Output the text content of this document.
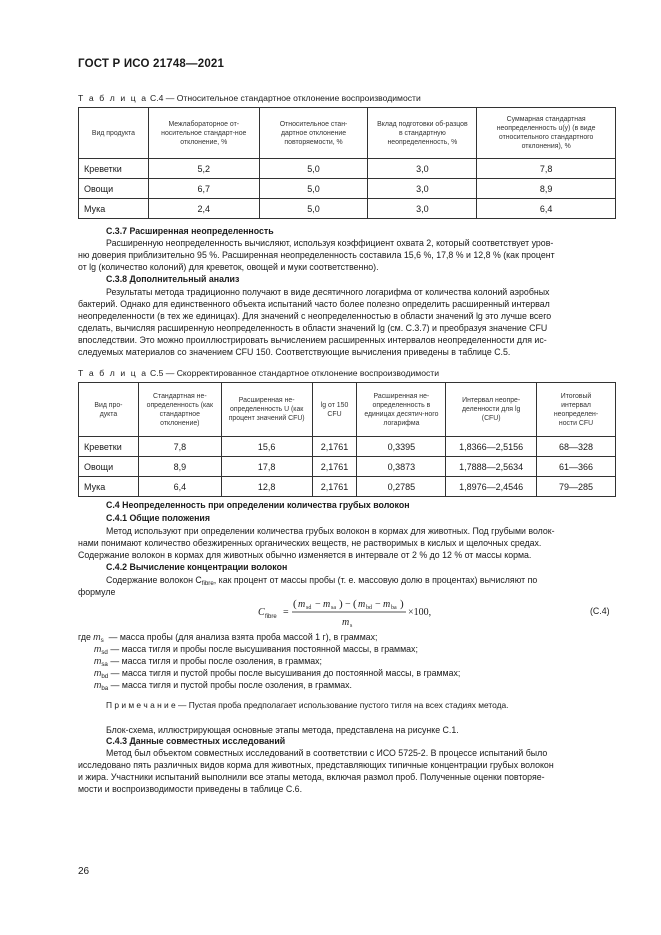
ГОСТ Р ИСО 21748—2021
Т а б л и ц а С.4 — Относительное стандартное отклонение воспроизводимости
Вид продукта	Межлабораторное от-носительное стандарт-ное отклонение, %	Относительное стан-дартное отклонение повторяемости, %	Вклад подготовки об-разцов в стандартную неопределенность, %	Суммарная стандартная неопределенность u(y) (в виде относительного стандартного отклонения), %
Креветки	5,2	5,0	3,0	7,8
Овощи	6,7	5,0	3,0	8,9
Мука	2,4	5,0	3,0	6,4
С.3.7 Расширенная неопределенность
Расширенную неопределенность вычисляют, используя коэффициент охвата 2, который соответствует уров-
ню доверия приблизительно 95 %. Расширенная неопределенность составила 15,6 %, 17,8 % и 12,8 % (как процент
от lg (количество колоний) для креветок, овощей и муки соответственно).
С.3.8 Дополнительный анализ
Результаты метода традиционно получают в виде десятичного логарифма от количества колоний аэробных
бактерий. Однако для единственного объекта испытаний часто более полезно определить расширенный интервал
неопределенности (в тех же единицах). Для значений с неопределенностью в области значений lg это лучше всего
сделать, вычисляя расширенную неопределенность в области значений lg (см. С.3.7) и преобразуя значение CFU
впоследствии. Это можно проиллюстрировать вычислением расширенных интервалов неопределенности для ис-
следуемых материалов со значением CFU 150. Соответствующие вычисления приведены в таблице С.5.
Т а б л и ц а С.5 — Скорректированное стандартное отклонение воспроизводимости
Вид про-дукта	Стандартная не-определенность (как стандартное отклонение)	Расширенная не-определенность U (как процент значений CFU)	lg от 150 CFU	Расширенная не-определенность в единицах десятич-ного логарифма	Интервал неопре-деленности для lg (CFU)	Итоговый интервал неопределен-ности CFU
Креветки	7,8	15,6	2,1761	0,3395	1,8366—2,5156	68—328
Овощи	8,9	17,8	2,1761	0,3873	1,7888—2,5634	61—366
Мука	6,4	12,8	2,1761	0,2785	1,8976—2,4546	79—285
С.4 Неопределенность при определении количества грубых волокон
С.4.1 Общие положения
Метод используют при определении количества грубых волокон в кормах для животных. Под грубыми волок-
нами понимают количество обезжиренных органических веществ, не растворимых в кислых и щелочных средах.
Содержание волокон в кормах для животных обычно изменяется в интервале от 2 % до 12 % от массы корма.
С.4.2 Вычисление концентрации волокон
Содержание волокон $C_{fibre}$, как процент от массы пробы (т. е. массовую долю в процентах) вычисляют по
формуле
C fibre =
( m sd − m sa ) − ( m bd − m ba )
m s
×100,	(С.4)
где $m_s$ — масса пробы (для анализа взята проба массой 1 г), в граммах;
$m_{sd}$ — масса тигля и пробы после высушивания постоянной массы, в граммах;
$m_{sa}$ — масса тигля и пробы после озоления, в граммах;
$m_{bd}$ — масса тигля и пустой пробы после высушивания до постоянной массы, в граммах;
$m_{ba}$ — масса тигля и пустой пробы после озоления, в граммах.
П р и м е ч а н и е — Пустая проба предполагает использование пустого тигля на всех стадиях метода.
Блок-схема, иллюстрирующая основные этапы метода, представлена на рисунке С.1.
С.4.3 Данные совместных исследований
Метод был объектом совместных исследований в соответствии с ИСО 5725-2. В процессе испытаний было
исследовано пять различных видов корма для животных, представляющих типичные концентрации грубых волокон
и жира. Участники испытаний выполнили все этапы метода, включая размол проб. Полученные оценки повторяе-
мости и воспроизводимости приведены в таблице С.6.
26
